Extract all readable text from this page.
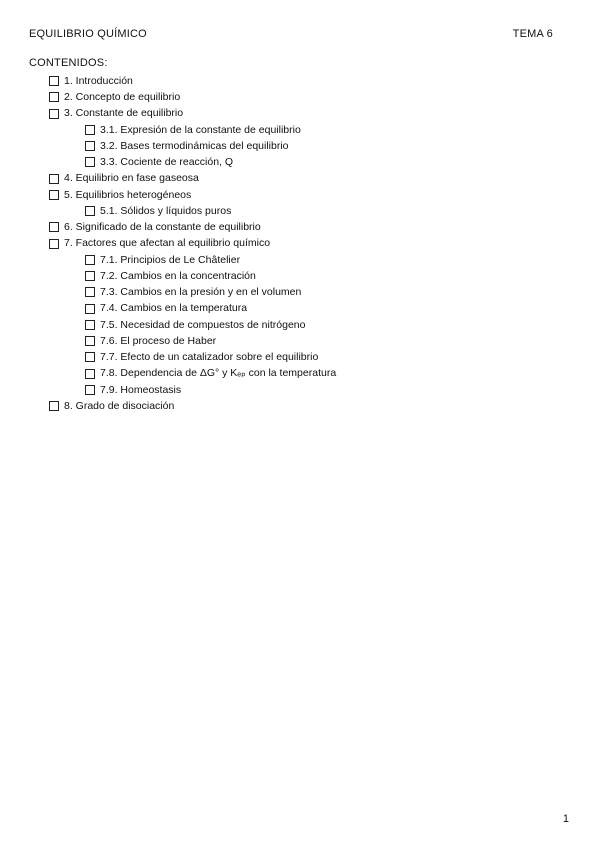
EQUILIBRIO QUÍMICO	TEMA 6
CONTENIDOS:
1. Introducción
2. Concepto de equilibrio
3. Constante de equilibrio
3.1. Expresión de la constante de equilibrio
3.2. Bases termodinámicas del equilibrio
3.3. Cociente de reacción, Q
4. Equilibrio en fase gaseosa
5. Equilibrios heterogéneos
5.1. Sólidos y líquidos puros
6. Significado de la constante de equilibrio
7. Factores que afectan al equilibrio químico
7.1. Principios de Le Châtelier
7.2. Cambios en la concentración
7.3. Cambios en la presión y en el volumen
7.4. Cambios en la temperatura
7.5. Necesidad de compuestos de nitrógeno
7.6. El proceso de Haber
7.7. Efecto de un catalizador sobre el equilibrio
7.8. Dependencia de ΔG° y Kₑₚ con la temperatura
7.9. Homeostasis
8. Grado de disociación
1
